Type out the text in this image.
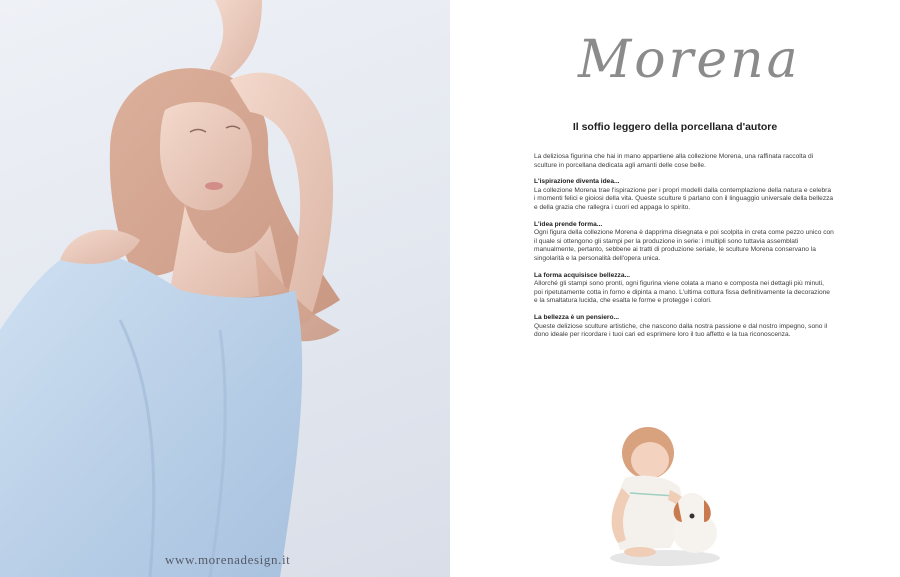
www.morenadesign.it
Morena
Il soffio leggero della porcellana d'autore

La deliziosa figurina che hai in mano appartiene alla collezione Morena, una raffinata raccolta di sculture in porcellana dedicata agli amanti delle cose belle.

L'ispirazione diventa idea...
La collezione Morena trae l'ispirazione per i propri modelli dalla contemplazione della natura e celebra i momenti felici e gioiosi della vita. Queste sculture ti parlano con il linguaggio universale della bellezza e della grazia che rallegra i cuori ed appaga lo spirito.

L'idea prende forma...
Ogni figura della collezione Morena è dapprima disegnata e poi scolpita in creta come pezzo unico con il quale si ottengono gli stampi per la produzione in serie: i multipli sono tuttavia assemblati manualmente, pertanto, sebbene ai tratti di produzione seriale, le sculture Morena conservano la singolarità e la personalità dell'opera unica.

La forma acquisisce bellezza...
Allorché gli stampi sono pronti, ogni figurina viene colata a mano e composta nei dettagli più minuti, poi ripetutamente cotta in forno e dipinta a mano. L'ultima cottura fissa definitivamente la decorazione e la smaltatura lucida, che esalta le forme e protegge i colori.

La bellezza è un pensiero...
Queste deliziose sculture artistiche, che nascono dalla nostra passione e dal nostro impegno, sono il dono ideale per ricordare i tuoi cari ed esprimere loro il tuo affetto e la tua riconoscenza.
